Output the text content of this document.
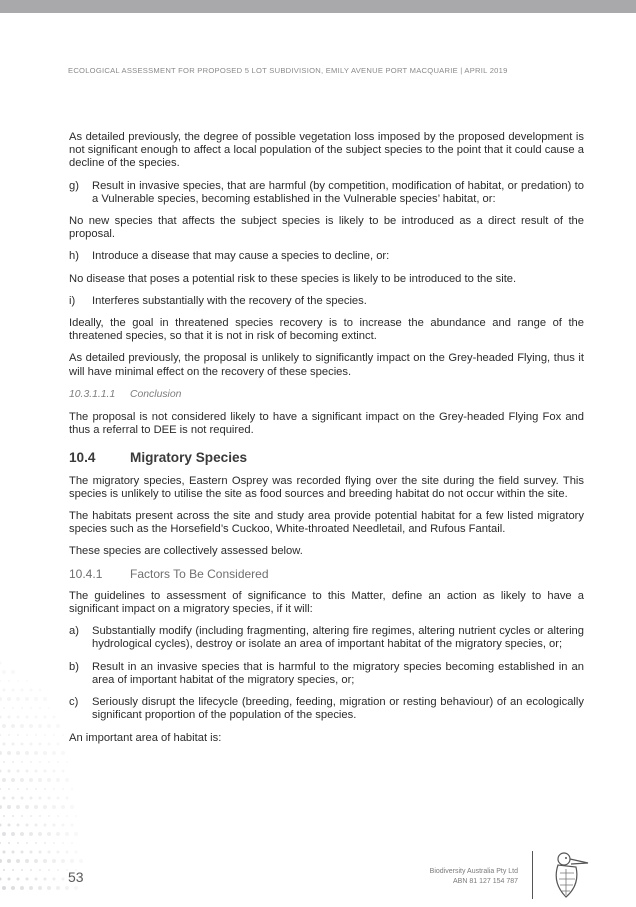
ECOLOGICAL ASSESSMENT FOR PROPOSED 5 LOT SUBDIVISION, EMILY AVENUE PORT MACQUARIE | APRIL 2019

As detailed previously, the degree of possible vegetation loss imposed by the proposed development is not significant enough to affect a local population of the subject species to the point that it could cause a decline of the species.

g)	Result in invasive species, that are harmful (by competition, modification of habitat, or predation) to a Vulnerable species, becoming established in the Vulnerable species’ habitat, or:

No new species that affects the subject species is likely to be introduced as a direct result of the proposal.

h)	Introduce a disease that may cause a species to decline, or:

No disease that poses a potential risk to these species is likely to be introduced to the site.

i)	Interferes substantially with the recovery of the species.

Ideally, the goal in threatened species recovery is to increase the abundance and range of the threatened species, so that it is not in risk of becoming extinct.

As detailed previously, the proposal is unlikely to significantly impact on the Grey-headed Flying, thus it will have minimal effect on the recovery of these species.

10.3.1.1.1	Conclusion

The proposal is not considered likely to have a significant impact on the Grey-headed Flying Fox and thus a referral to DEE is not required.

10.4	Migratory Species

The migratory species, Eastern Osprey was recorded flying over the site during the field survey. This species is unlikely to utilise the site as food sources and breeding habitat do not occur within the site.

The habitats present across the site and study area provide potential habitat for a few listed migratory species such as the Horsefield’s Cuckoo, White-throated Needletail, and Rufous Fantail.

These species are collectively assessed below.

10.4.1	Factors To Be Considered

The guidelines to assessment of significance to this Matter, define an action as likely to have a significant impact on a migratory species, if it will:

a)	Substantially modify (including fragmenting, altering fire regimes, altering nutrient cycles or altering hydrological cycles), destroy or isolate an area of important habitat of the migratory species, or;
b)	Result in an invasive species that is harmful to the migratory species becoming established in an area of important habitat of the migratory species, or;
c)	Seriously disrupt the lifecycle (breeding, feeding, migration or resting behaviour) of an ecologically significant proportion of the population of the species.

An important area of habitat is:

53	Biodiversity Australia Pty Ltd
ABN 81 127 154 787
